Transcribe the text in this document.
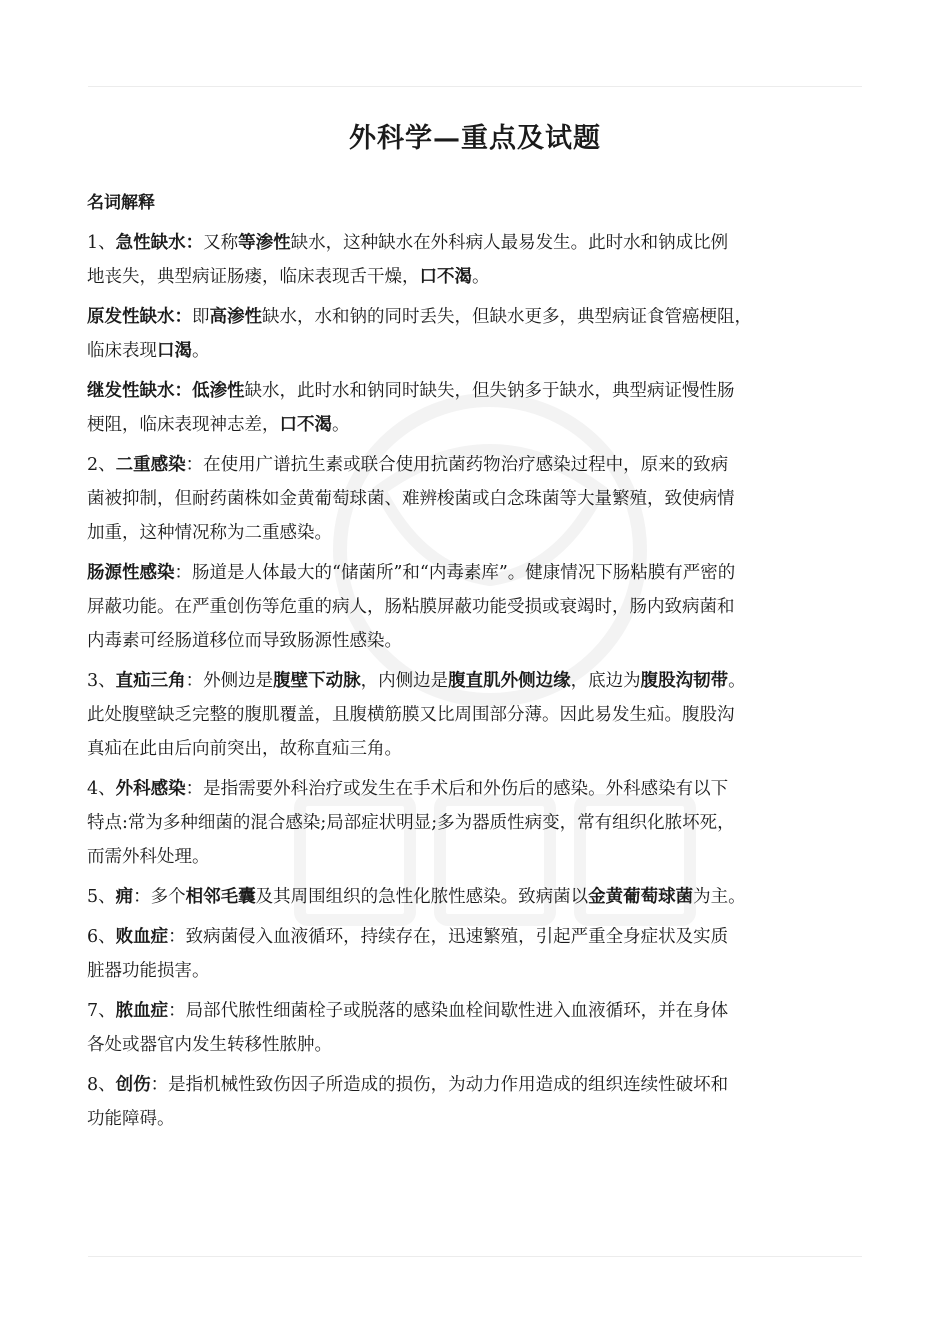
外科学—重点及试题
名词解释
1、急性缺水：又称等渗性缺水，这种缺水在外科病人最易发生。此时水和钠成比例
地丧失，典型病证肠瘘，临床表现舌干燥，口不渴。
原发性缺水：即高渗性缺水，水和钠的同时丢失，但缺水更多，典型病证食管癌梗阻，
临床表现口渴。
继发性缺水：低渗性缺水，此时水和钠同时缺失，但失钠多于缺水，典型病证慢性肠
梗阻，临床表现神志差，口不渴。
2、二重感染：在使用广谱抗生素或联合使用抗菌药物治疗感染过程中，原来的致病
菌被抑制，但耐药菌株如金黄葡萄球菌、难辨梭菌或白念珠菌等大量繁殖，致使病情
加重，这种情况称为二重感染。
肠源性感染：肠道是人体最大的“储菌所”和“内毒素库”。健康情况下肠粘膜有严密的
屏蔽功能。在严重创伤等危重的病人，肠粘膜屏蔽功能受损或衰竭时，肠内致病菌和
内毒素可经肠道移位而导致肠源性感染。
3、直疝三角：外侧边是腹壁下动脉，内侧边是腹直肌外侧边缘，底边为腹股沟韧带。
此处腹壁缺乏完整的腹肌覆盖，且腹横筋膜又比周围部分薄。因此易发生疝。腹股沟
真疝在此由后向前突出，故称直疝三角。
4、外科感染：是指需要外科治疗或发生在手术后和外伤后的感染。外科感染有以下
特点:常为多种细菌的混合感染;局部症状明显;多为器质性病变，常有组织化脓坏死，
而需外科处理。
5、痈：多个相邻毛囊及其周围组织的急性化脓性感染。致病菌以金黄葡萄球菌为主。
6、败血症：致病菌侵入血液循环，持续存在，迅速繁殖，引起严重全身症状及实质
脏器功能损害。
7、脓血症：局部代脓性细菌栓子或脱落的感染血栓间歇性进入血液循环，并在身体
各处或器官内发生转移性脓肿。
8、创伤：是指机械性致伤因子所造成的损伤，为动力作用造成的组织连续性破坏和
功能障碍。
